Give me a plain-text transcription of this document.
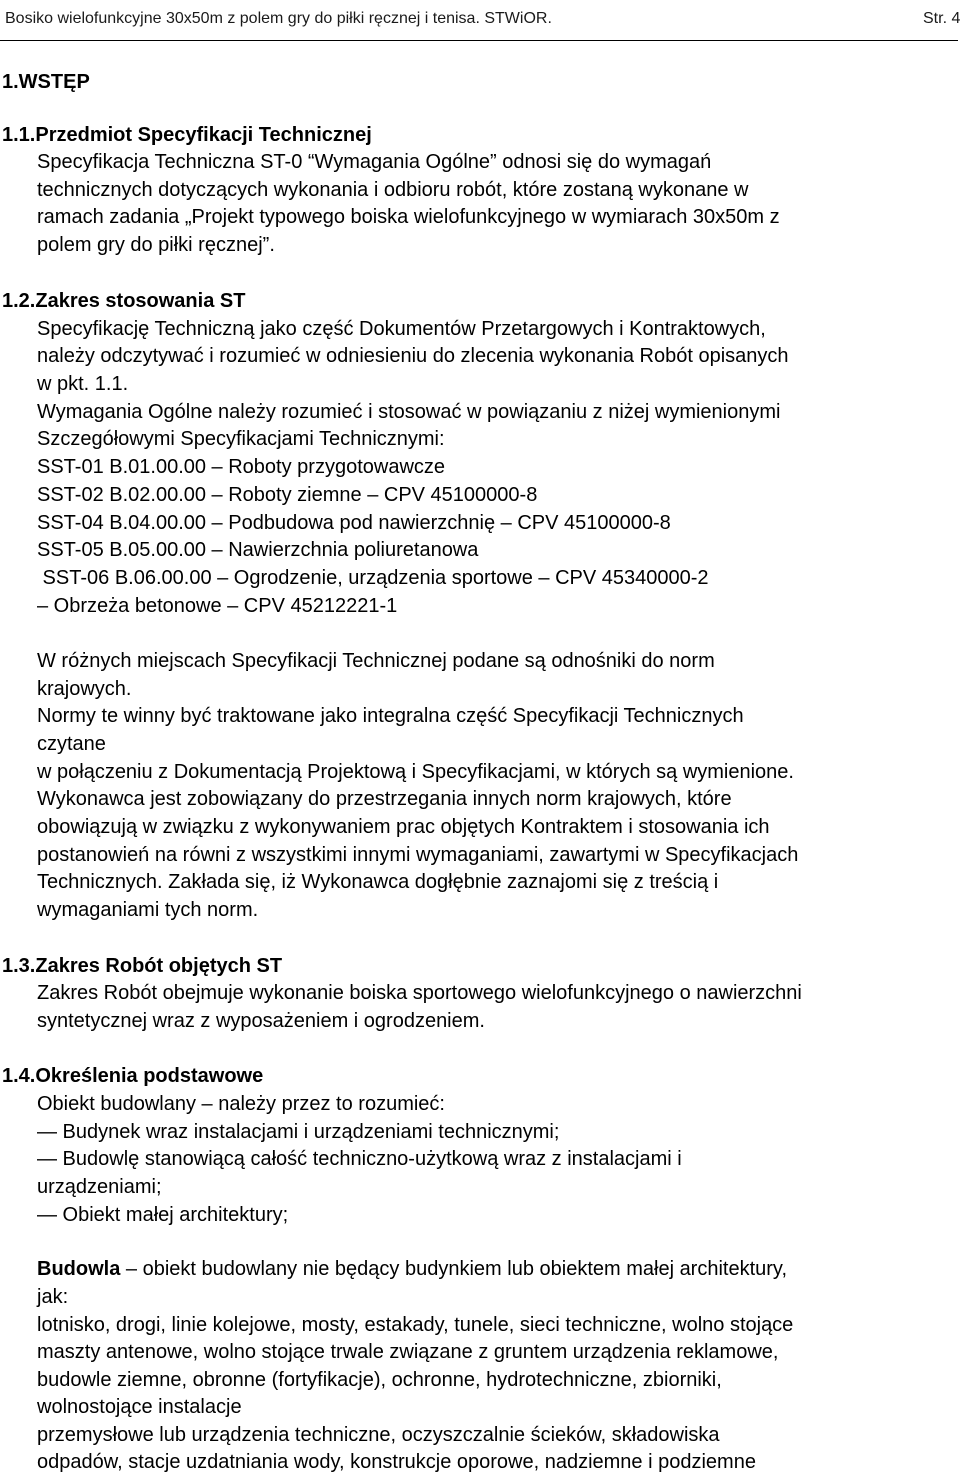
Bosiko wielofunkcyjne 30x50m z polem gry do piłki ręcznej i tenisa. STWiOR.	Str. 4
1.WSTĘP
1.1.Przedmiot Specyfikacji Technicznej
Specyfikacja Techniczna ST-0 “Wymagania Ogólne” odnosi się do wymagań
technicznych dotyczących wykonania i odbioru robót, które zostaną wykonane w
ramach zadania „Projekt typowego boiska wielofunkcyjnego w wymiarach 30x50m z
polem gry do piłki ręcznej”.
1.2.Zakres stosowania ST
Specyfikację Techniczną jako część Dokumentów Przetargowych i Kontraktowych,
należy odczytywać i rozumieć w odniesieniu do zlecenia wykonania Robót opisanych
w pkt. 1.1.
Wymagania Ogólne należy rozumieć i stosować w powiązaniu z niżej wymienionymi
Szczegółowymi Specyfikacjami Technicznymi:
SST-01 B.01.00.00 – Roboty przygotowawcze
SST-02 B.02.00.00 – Roboty ziemne – CPV 45100000-8
SST-04 B.04.00.00 – Podbudowa pod nawierzchnię – CPV 45100000-8
SST-05 B.05.00.00 – Nawierzchnia poliuretanowa
SST-06 B.06.00.00 – Ogrodzenie, urządzenia sportowe – CPV 45340000-2
– Obrzeża betonowe – CPV 45212221-1
W różnych miejscach Specyfikacji Technicznej podane są odnośniki do norm
krajowych.
Normy te winny być traktowane jako integralna część Specyfikacji Technicznych
czytane
w połączeniu z Dokumentacją Projektową i Specyfikacjami, w których są wymienione.
Wykonawca jest zobowiązany do przestrzegania innych norm krajowych, które
obowiązują w związku z wykonywaniem prac objętych Kontraktem i stosowania ich
postanowień na równi z wszystkimi innymi wymaganiami, zawartymi w Specyfikacjach
Technicznych. Zakłada się, iż Wykonawca dogłębnie zaznajomi się z treścią i
wymaganiami tych norm.
1.3.Zakres Robót objętych ST
Zakres Robót obejmuje wykonanie boiska sportowego wielofunkcyjnego o nawierzchni
syntetycznej wraz z wyposażeniem i ogrodzeniem.
1.4.Określenia podstawowe
Obiekt budowlany – należy przez to rozumieć:
— Budynek wraz instalacjami i urządzeniami technicznymi;
— Budowlę stanowiącą całość techniczno-użytkową wraz z instalacjami i
urządzeniami;
— Obiekt małej architektury;
Budowla – obiekt budowlany nie będący budynkiem lub obiektem małej architektury,
jak:
lotnisko, drogi, linie kolejowe, mosty, estakady, tunele, sieci techniczne, wolno stojące
maszty antenowe, wolno stojące trwale związane z gruntem urządzenia reklamowe,
budowle ziemne, obronne (fortyfikacje), ochronne, hydrotechniczne, zbiorniki,
wolnostojące instalacje
przemysłowe lub urządzenia techniczne, oczyszczalnie ścieków, składowiska
odpadów, stacje uzdatniania wody, konstrukcje oporowe, nadziemne i podziemne
